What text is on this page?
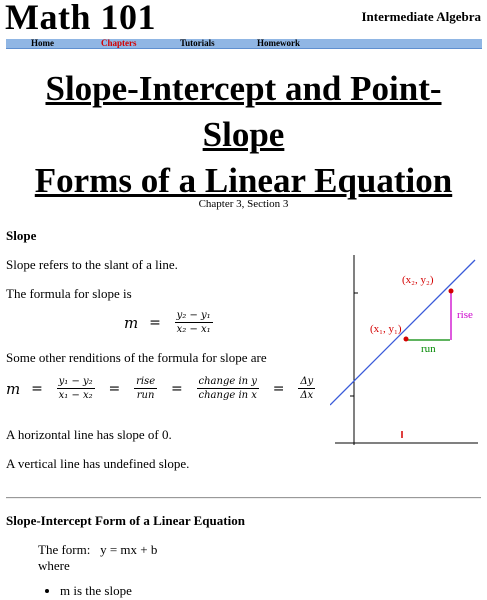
Math 101	Intermediate Algebra
Home	Chapters	Tutorials	Homework
Slope-Intercept and Point-
Slope
Forms of a Linear Equation
Chapter 3, Section 3
Slope
Slope refers to the slant of a line.
The formula for slope is
$m = \frac{\text{y₂ − y₁}}{\text{x₂ − x₁}}$
Some other renditions of the formula for slope are
$m = \frac{\text{y₁ − y₂}}{\text{x₁ − x₂}} = \frac{\text{rise}}{\text{run}} = \frac{\text{change in y}}{\text{change in x}} = \frac{\Delta y}{\Delta x}$
A horizontal line has slope of 0.
A vertical line has undefined slope.
(x₂, y₂)
(x₁, y₁)
rise
run
Slope-Intercept Form of a Linear Equation
The form: y = mx + b
where
• m is the slope
